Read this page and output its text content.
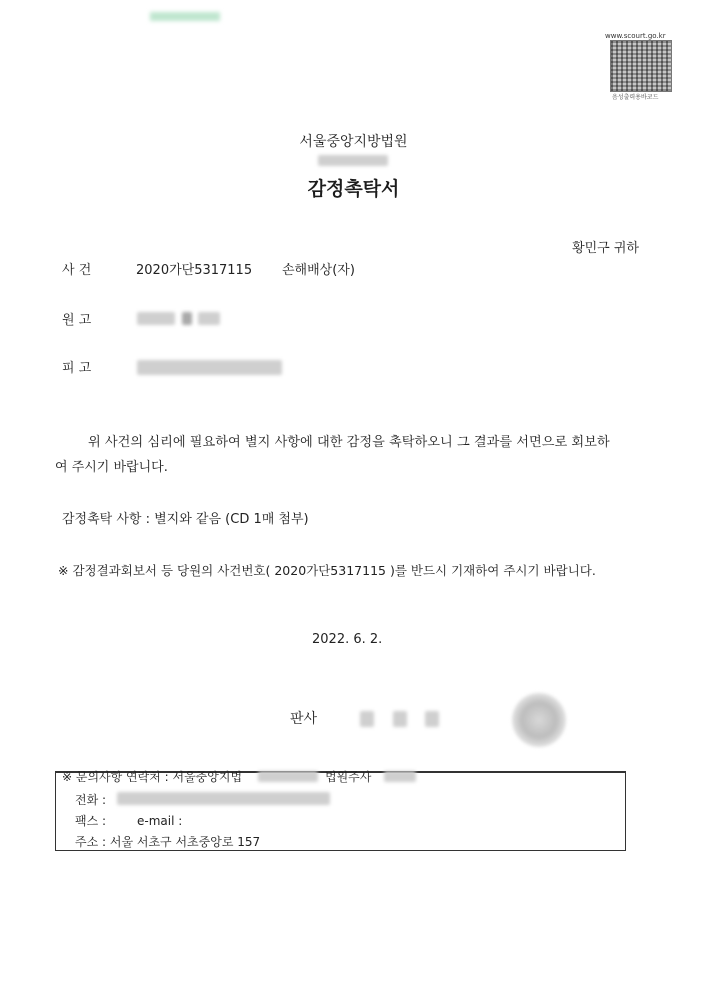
www.scourt.go.kr
음성출력용바코드
서울중앙지방법원
감정촉탁서
황민구 귀하
사 건	2020가단5317115 손해배상(자)
원 고
피 고
위 사건의 심리에 필요하여 별지 사항에 대한 감정을 촉탁하오니 그 결과를 서면으로 회보하
여 주시기 바랍니다.
감정촉탁 사항 : 별지와 같음 (CD 1매 첨부)
※ 감정결과회보서 등 당원의 사건번호( 2020가단5317115 )를 반드시 기재하여 주시기 바랍니다.
2022. 6. 2.
판사
※ 문의사항 연락처 : 서울중앙지법	법원주사
전화 :
팩스 :	e-mail :
주소 : 서울 서초구 서초중앙로 157
